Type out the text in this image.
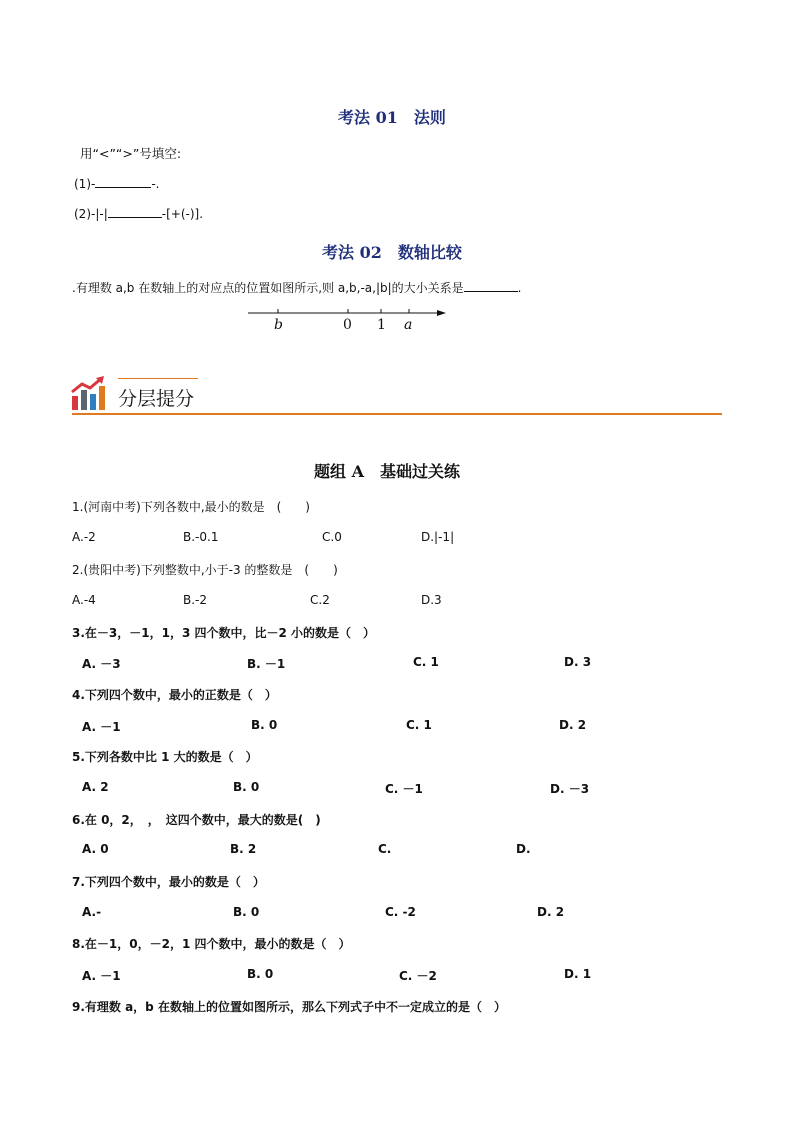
考法 01　法则
用“<”“>”号填空:
(1)-	-.
(2)-|-|	-[+(-)].
考法 02　数轴比较
.有理数 a,b 在数轴上的对应点的位置如图所示,则 a,b,-a,|b|的大小关系是	.
b	0 1 a
分层提分
题组 A　基础过关练
1.(河南中考)下列各数中,最小的数是　(　　)
A.-2	B.-0.1	C.0	D.|-1|
2.(贵阳中考)下列整数中,小于-3 的整数是　(　　)
A.-4	B.-2	C.2	D.3
3.在－3，－1，1，3 四个数中，比－2 小的数是（　）
A. －3	B. －1	C. 1	D. 3
4.下列四个数中，最小的正数是（　）
A. －1	B. 0	C. 1	D. 2
5.下列各数中比 1 大的数是（　）
A. 2	B. 0	C. －1	D. －3
6.在 0，2，　，　这四个数中，最大的数是(　)
A. 0	B. 2	C.	D.
7.下列四个数中，最小的数是（　）
A.-	B. 0	C. -2	D. 2
8.在－1，0，－2，1 四个数中，最小的数是（　）
A. －1	B. 0	C. －2	D. 1
9.有理数 a，b 在数轴上的位置如图所示，那么下列式子中不一定成立的是（　）
